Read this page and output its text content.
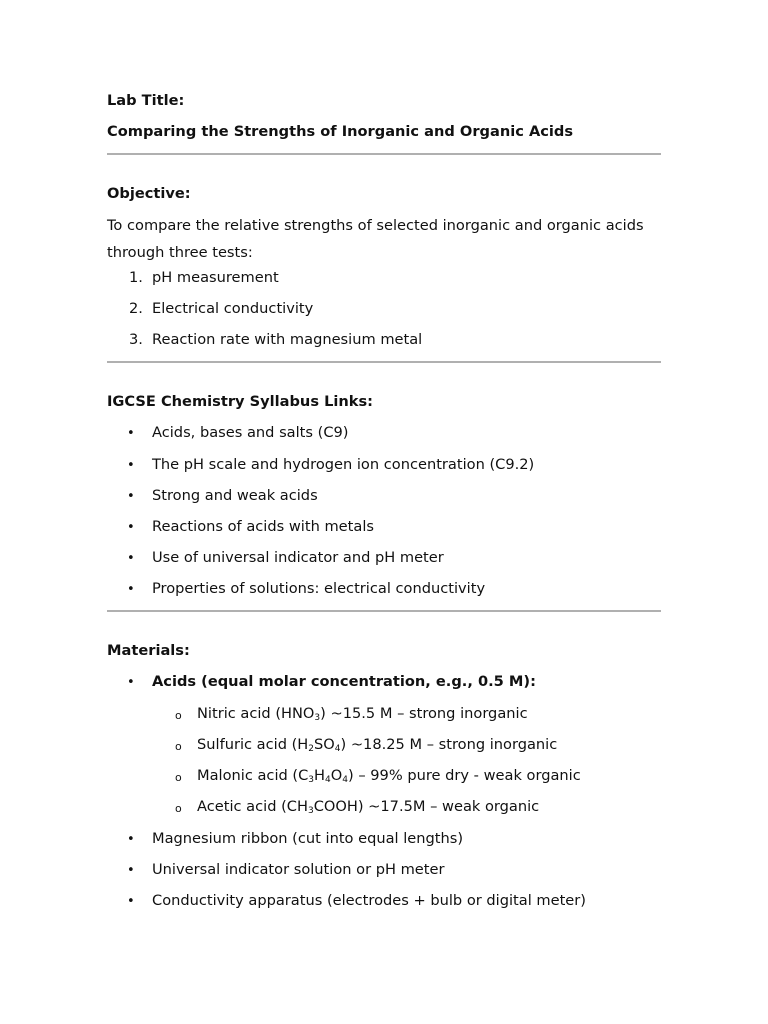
Lab Title:
Comparing the Strengths of Inorganic and Organic Acids
Objective:
To compare the relative strengths of selected inorganic and organic acids through three tests:
1. pH measurement
2. Electrical conductivity
3. Reaction rate with magnesium metal
IGCSE Chemistry Syllabus Links:
• Acids, bases and salts (C9)
• The pH scale and hydrogen ion concentration (C9.2)
• Strong and weak acids
• Reactions of acids with metals
• Use of universal indicator and pH meter
• Properties of solutions: electrical conductivity
Materials:
• Acids (equal molar concentration, e.g., 0.5 M):
o Nitric acid $(HNO_3)$ ~15.5 M – strong inorganic
o Sulfuric acid $(H_2SO_4)$ ~18.25 M – strong inorganic
o Malonic acid $(C_3H_4O_4) - 99\%$ pure dry - weak organic
o Acetic acid $(CH_3COOH)$ ~17.5M – weak organic
• Magnesium ribbon (cut into equal lengths)
• Universal indicator solution or pH meter
• Conductivity apparatus (electrodes + bulb or digital meter)
